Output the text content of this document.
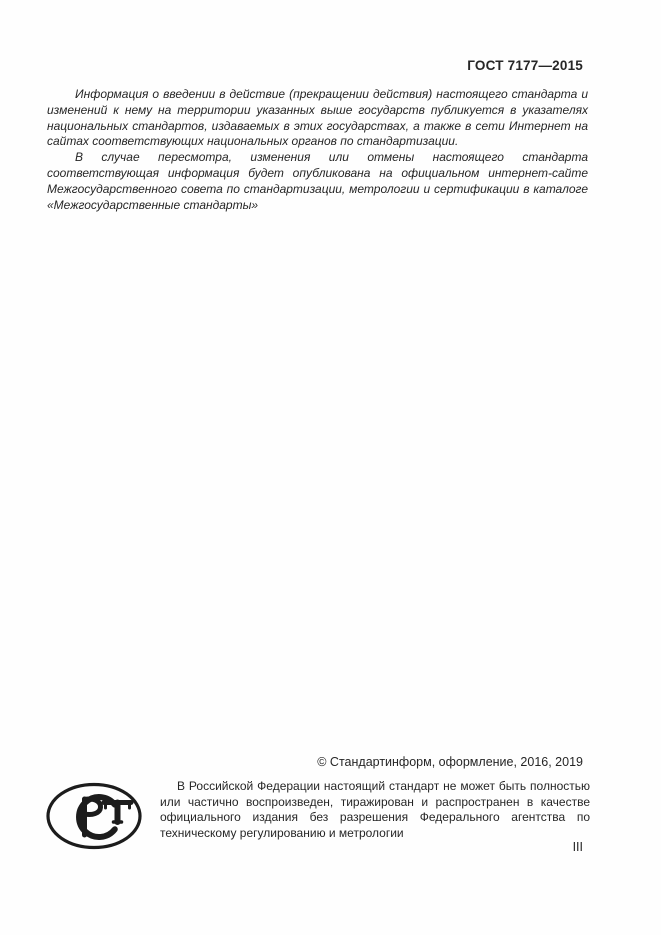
ГОСТ 7177—2015

Информация о введении в действие (прекращении действия) настоящего стандарта и изменений к нему на территории указанных выше государств публикуется в указателях национальных стандартов, издаваемых в этих государствах, а также в сети Интернет на сайтах соответствующих национальных органов по стандартизации.

В случае пересмотра, изменения или отмены настоящего стандарта соответствующая информация будет опубликована на официальном интернет-сайте Межгосударственного совета по стандартизации, метрологии и сертификации в каталоге «Межгосударственные стандарты»

© Стандартинформ, оформление, 2016, 2019

В Российской Федерации настоящий стандарт не может быть полностью или частично воспроизведен, тиражирован и распространен в качестве официального издания без разрешения Федерального агентства по техническому регулированию и метрологии

III
